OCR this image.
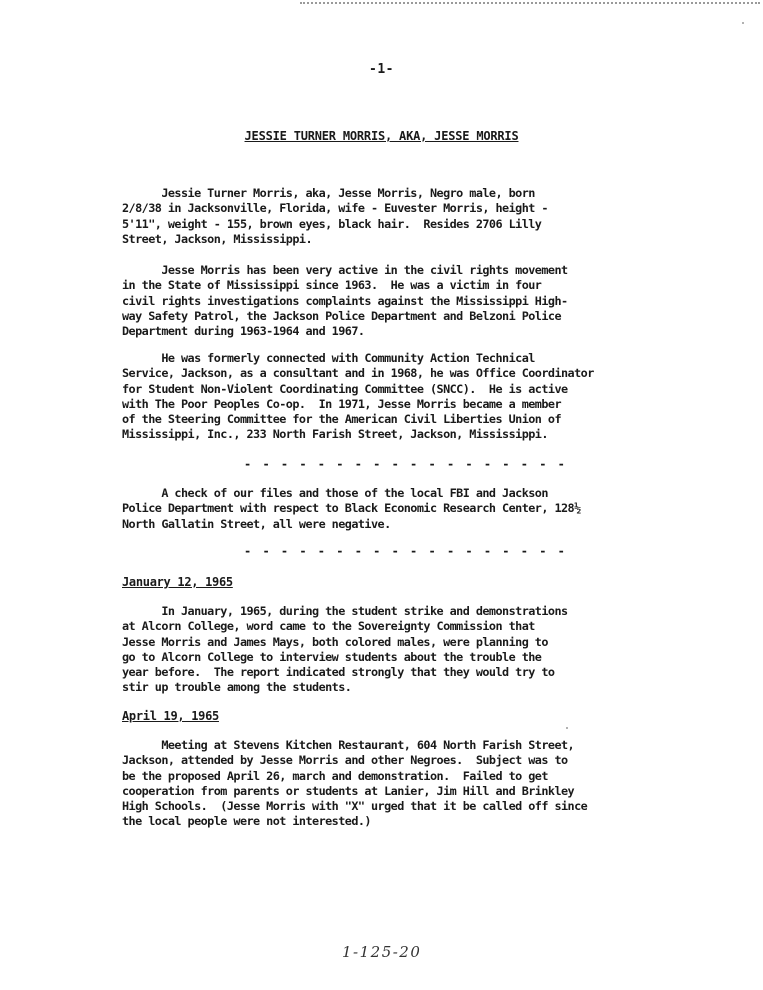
-1-
JESSIE TURNER MORRIS, AKA, JESSE MORRIS

Jessie Turner Morris, aka, Jesse Morris, Negro male, born
2/8/38 in Jacksonville, Florida, wife - Euvester Morris, height -
5'11", weight - 155, brown eyes, black hair.  Resides 2706 Lilly
Street, Jackson, Mississippi.

Jesse Morris has been very active in the civil rights movement
in the State of Mississippi since 1963.  He was a victim in four
civil rights investigations complaints against the Mississippi High-
way Safety Patrol, the Jackson Police Department and Belzoni Police
Department during 1963-1964 and 1967.

He was formerly connected with Community Action Technical
Service, Jackson, as a consultant and in 1968, he was Office Coordinator
for Student Non-Violent Coordinating Committee (SNCC).  He is active
with The Poor Peoples Co-op.  In 1971, Jesse Morris became a member
of the Steering Committee for the American Civil Liberties Union of
Mississippi, Inc., 233 North Farish Street, Jackson, Mississippi.

- - - - - - - - - - - - - - - - - -

A check of our files and those of the local FBI and Jackson
Police Department with respect to Black Economic Research Center, 128½
North Gallatin Street, all were negative.

- - - - - - - - - - - - - - - - - -
January 12, 1965

In January, 1965, during the student strike and demonstrations
at Alcorn College, word came to the Sovereignty Commission that
Jesse Morris and James Mays, both colored males, were planning to
go to Alcorn College to interview students about the trouble the
year before.  The report indicated strongly that they would try to
stir up trouble among the students.

April 19, 1965

Meeting at Stevens Kitchen Restaurant, 604 North Farish Street,
Jackson, attended by Jesse Morris and other Negroes.  Subject was to
be the proposed April 26, march and demonstration.  Failed to get
cooperation from parents or students at Lanier, Jim Hill and Brinkley
High Schools.  (Jesse Morris with "X" urged that it be called off since
the local people were not interested.)

1-125-20
